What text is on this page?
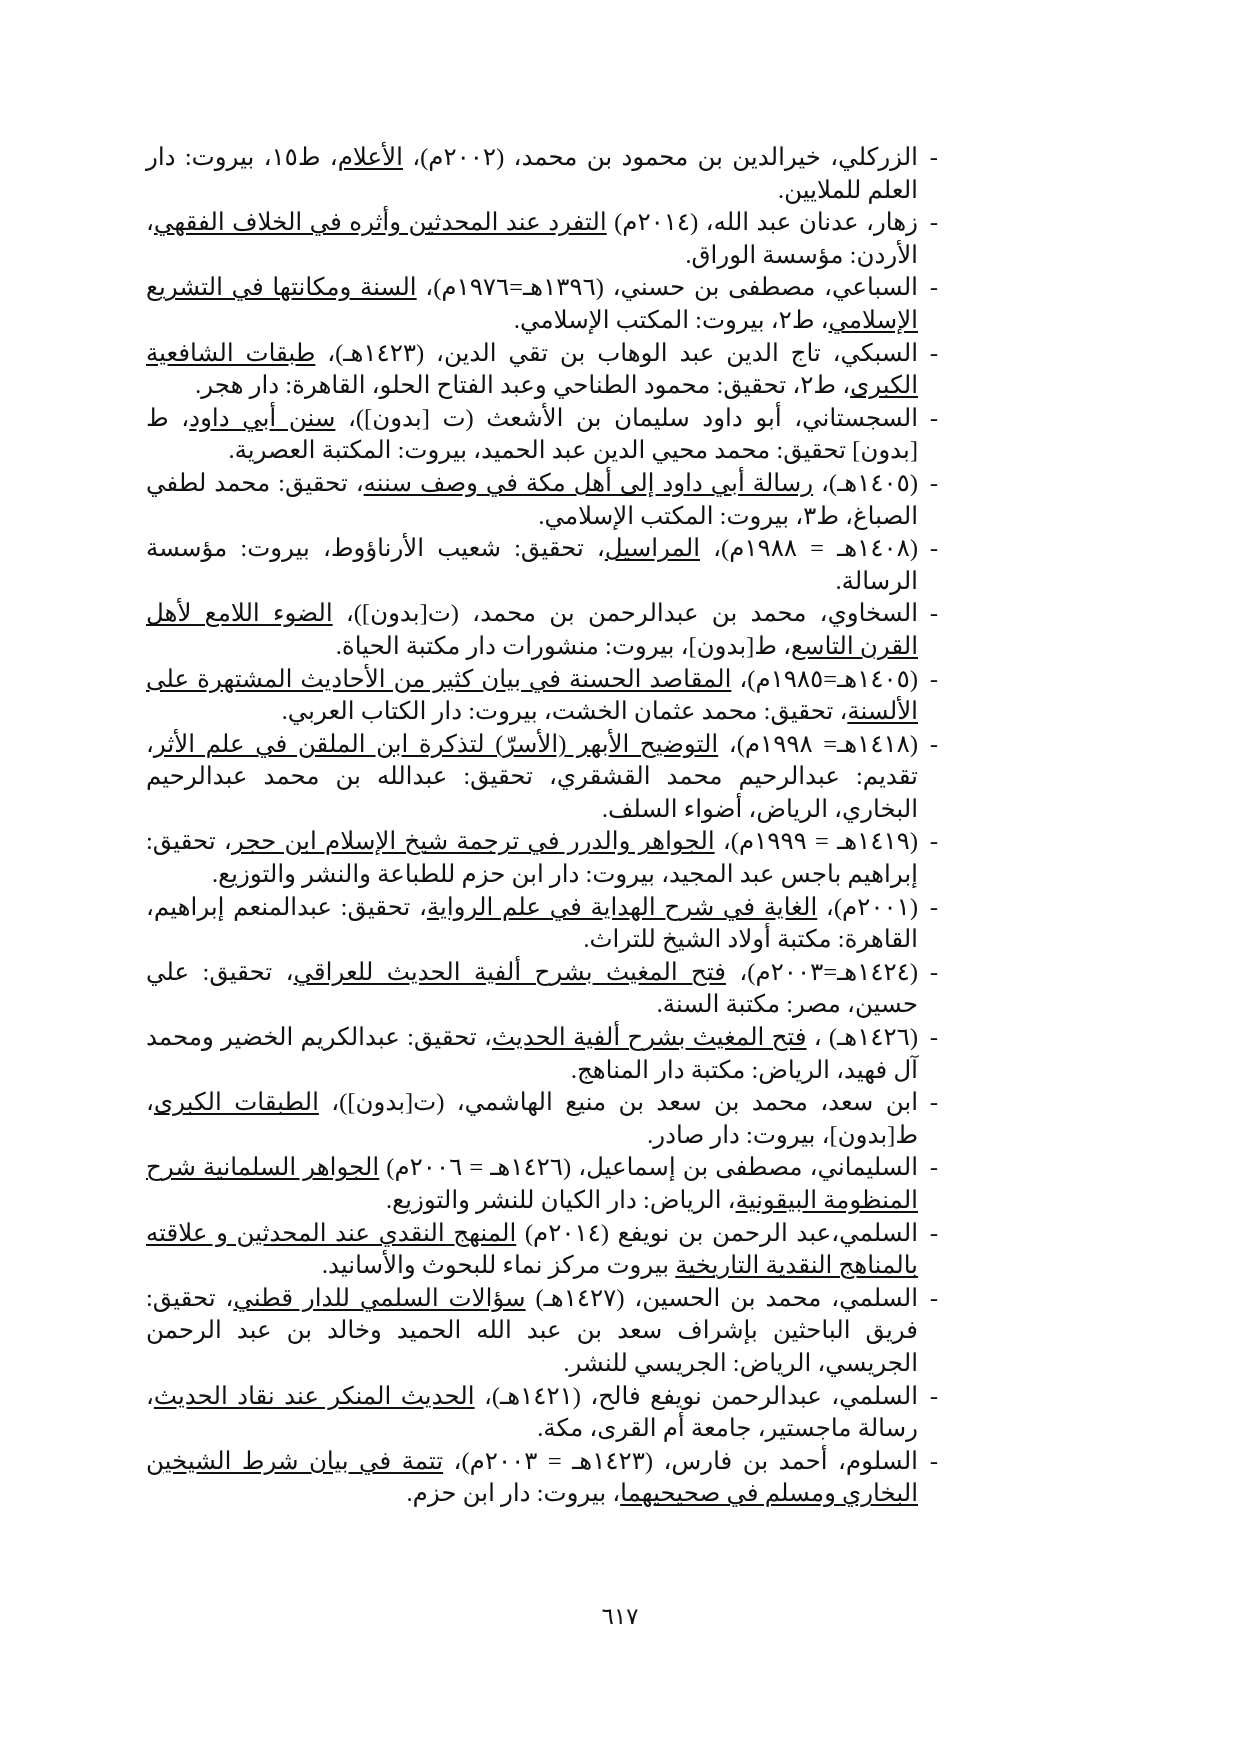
-الزركلي، خيرالدين بن محمود بن محمد، (٢٠٠٢م)، الأعلام، ط١٥، بيروت: دار العلم للملايين.
-زهار، عدنان عبد الله، (٢٠١٤م) التفرد عند المحدثين وأثره في الخلاف الفقهي، الأردن: مؤسسة الوراق.
-السباعي، مصطفى بن حسني، (١٣٩٦هـ=١٩٧٦م)، السنة ومكانتها في التشريع الإسلامي، ط٢، بيروت: المكتب الإسلامي.
-السبكي، تاج الدين عبد الوهاب بن تقي الدين، (١٤٢٣هـ)، طبقات الشافعية الكبرى، ط٢، تحقيق: محمود الطناحي وعبد الفتاح الحلو، القاهرة: دار هجر.
-السجستاني، أبو داود سليمان بن الأشعث (ت [بدون])، سنن أبي داود، ط [بدون] تحقيق: محمد محيي الدين عبد الحميد، بيروت: المكتبة العصرية.
-(١٤٠٥هـ)، رسالة أبي داود إلى أهل مكة في وصف سننه، تحقيق: محمد لطفي الصباغ، ط٣، بيروت: المكتب الإسلامي.
-(١٤٠٨هـ = ١٩٨٨م)، المراسيل، تحقيق: شعيب الأرناؤوط، بيروت: مؤسسة الرسالة.
-السخاوي، محمد بن عبدالرحمن بن محمد، (ت[بدون])، الضوء اللامع لأهل القرن التاسع، ط[بدون]، بيروت: منشورات دار مكتبة الحياة.
-(١٤٠٥هـ=١٩٨٥م)، المقاصد الحسنة في بيان كثير من الأحاديث المشتهرة على الألسنة، تحقيق: محمد عثمان الخشت، بيروت: دار الكتاب العربي.
-(١٤١٨هـ= ١٩٩٨م)، التوضيح الأبهر (الأسرّ) لتذكرة ابن الملقن في علم الأثر، تقديم: عبدالرحيم محمد القشقري، تحقيق: عبدالله بن محمد عبدالرحيم البخاري، الرياض، أضواء السلف.
-(١٤١٩هـ = ١٩٩٩م)، الجواهر والدرر في ترجمة شيخ الإسلام ابن حجر، تحقيق: إبراهيم باجس عبد المجيد، بيروت: دار ابن حزم للطباعة والنشر والتوزيع.
-(٢٠٠١م)، الغاية في شرح الهداية في علم الرواية، تحقيق: عبدالمنعم إبراهيم، القاهرة: مكتبة أولاد الشيخ للتراث.
-(١٤٢٤هـ=٢٠٠٣م)، فتح المغيث بشرح ألفية الحديث للعراقي، تحقيق: علي حسين، مصر: مكتبة السنة.
-(١٤٢٦هـ) ، فتح المغيث بشرح ألفية الحديث، تحقيق: عبدالكريم الخضير ومحمد آل فهيد، الرياض: مكتبة دار المناهج.
-ابن سعد، محمد بن سعد بن منيع الهاشمي، (ت[بدون])، الطبقات الكبرى، ط[بدون]، بيروت: دار صادر.
-السليماني، مصطفى بن إسماعيل، (١٤٢٦هـ = ٢٠٠٦م) الجواهر السلمانية شرح المنظومة البيقونية، الرياض: دار الكيان للنشر والتوزيع.
-السلمي،عبد الرحمن بن نويفع (٢٠١٤م) المنهج النقدي عند المحدثين و علاقته بالمناهج النقدية التاريخية بيروت مركز نماء للبحوث والأسانيد.
-السلمي، محمد بن الحسين، (١٤٢٧هـ) سؤالات السلمي للدار قطني، تحقيق: فريق الباحثين بإشراف سعد بن عبد الله الحميد وخالد بن عبد الرحمن الجريسي، الرياض: الجريسي للنشر.
-السلمي، عبدالرحمن نويفع فالح، (١٤٢١هـ)، الحديث المنكر عند نقاد الحديث، رسالة ماجستير، جامعة أم القرى، مكة.
-السلوم، أحمد بن فارس، (١٤٢٣هـ = ٢٠٠٣م)، تتمة في بيان شرط الشيخين البخاري ومسلم في صحيحيهما، بيروت: دار ابن حزم.
٦١٧
